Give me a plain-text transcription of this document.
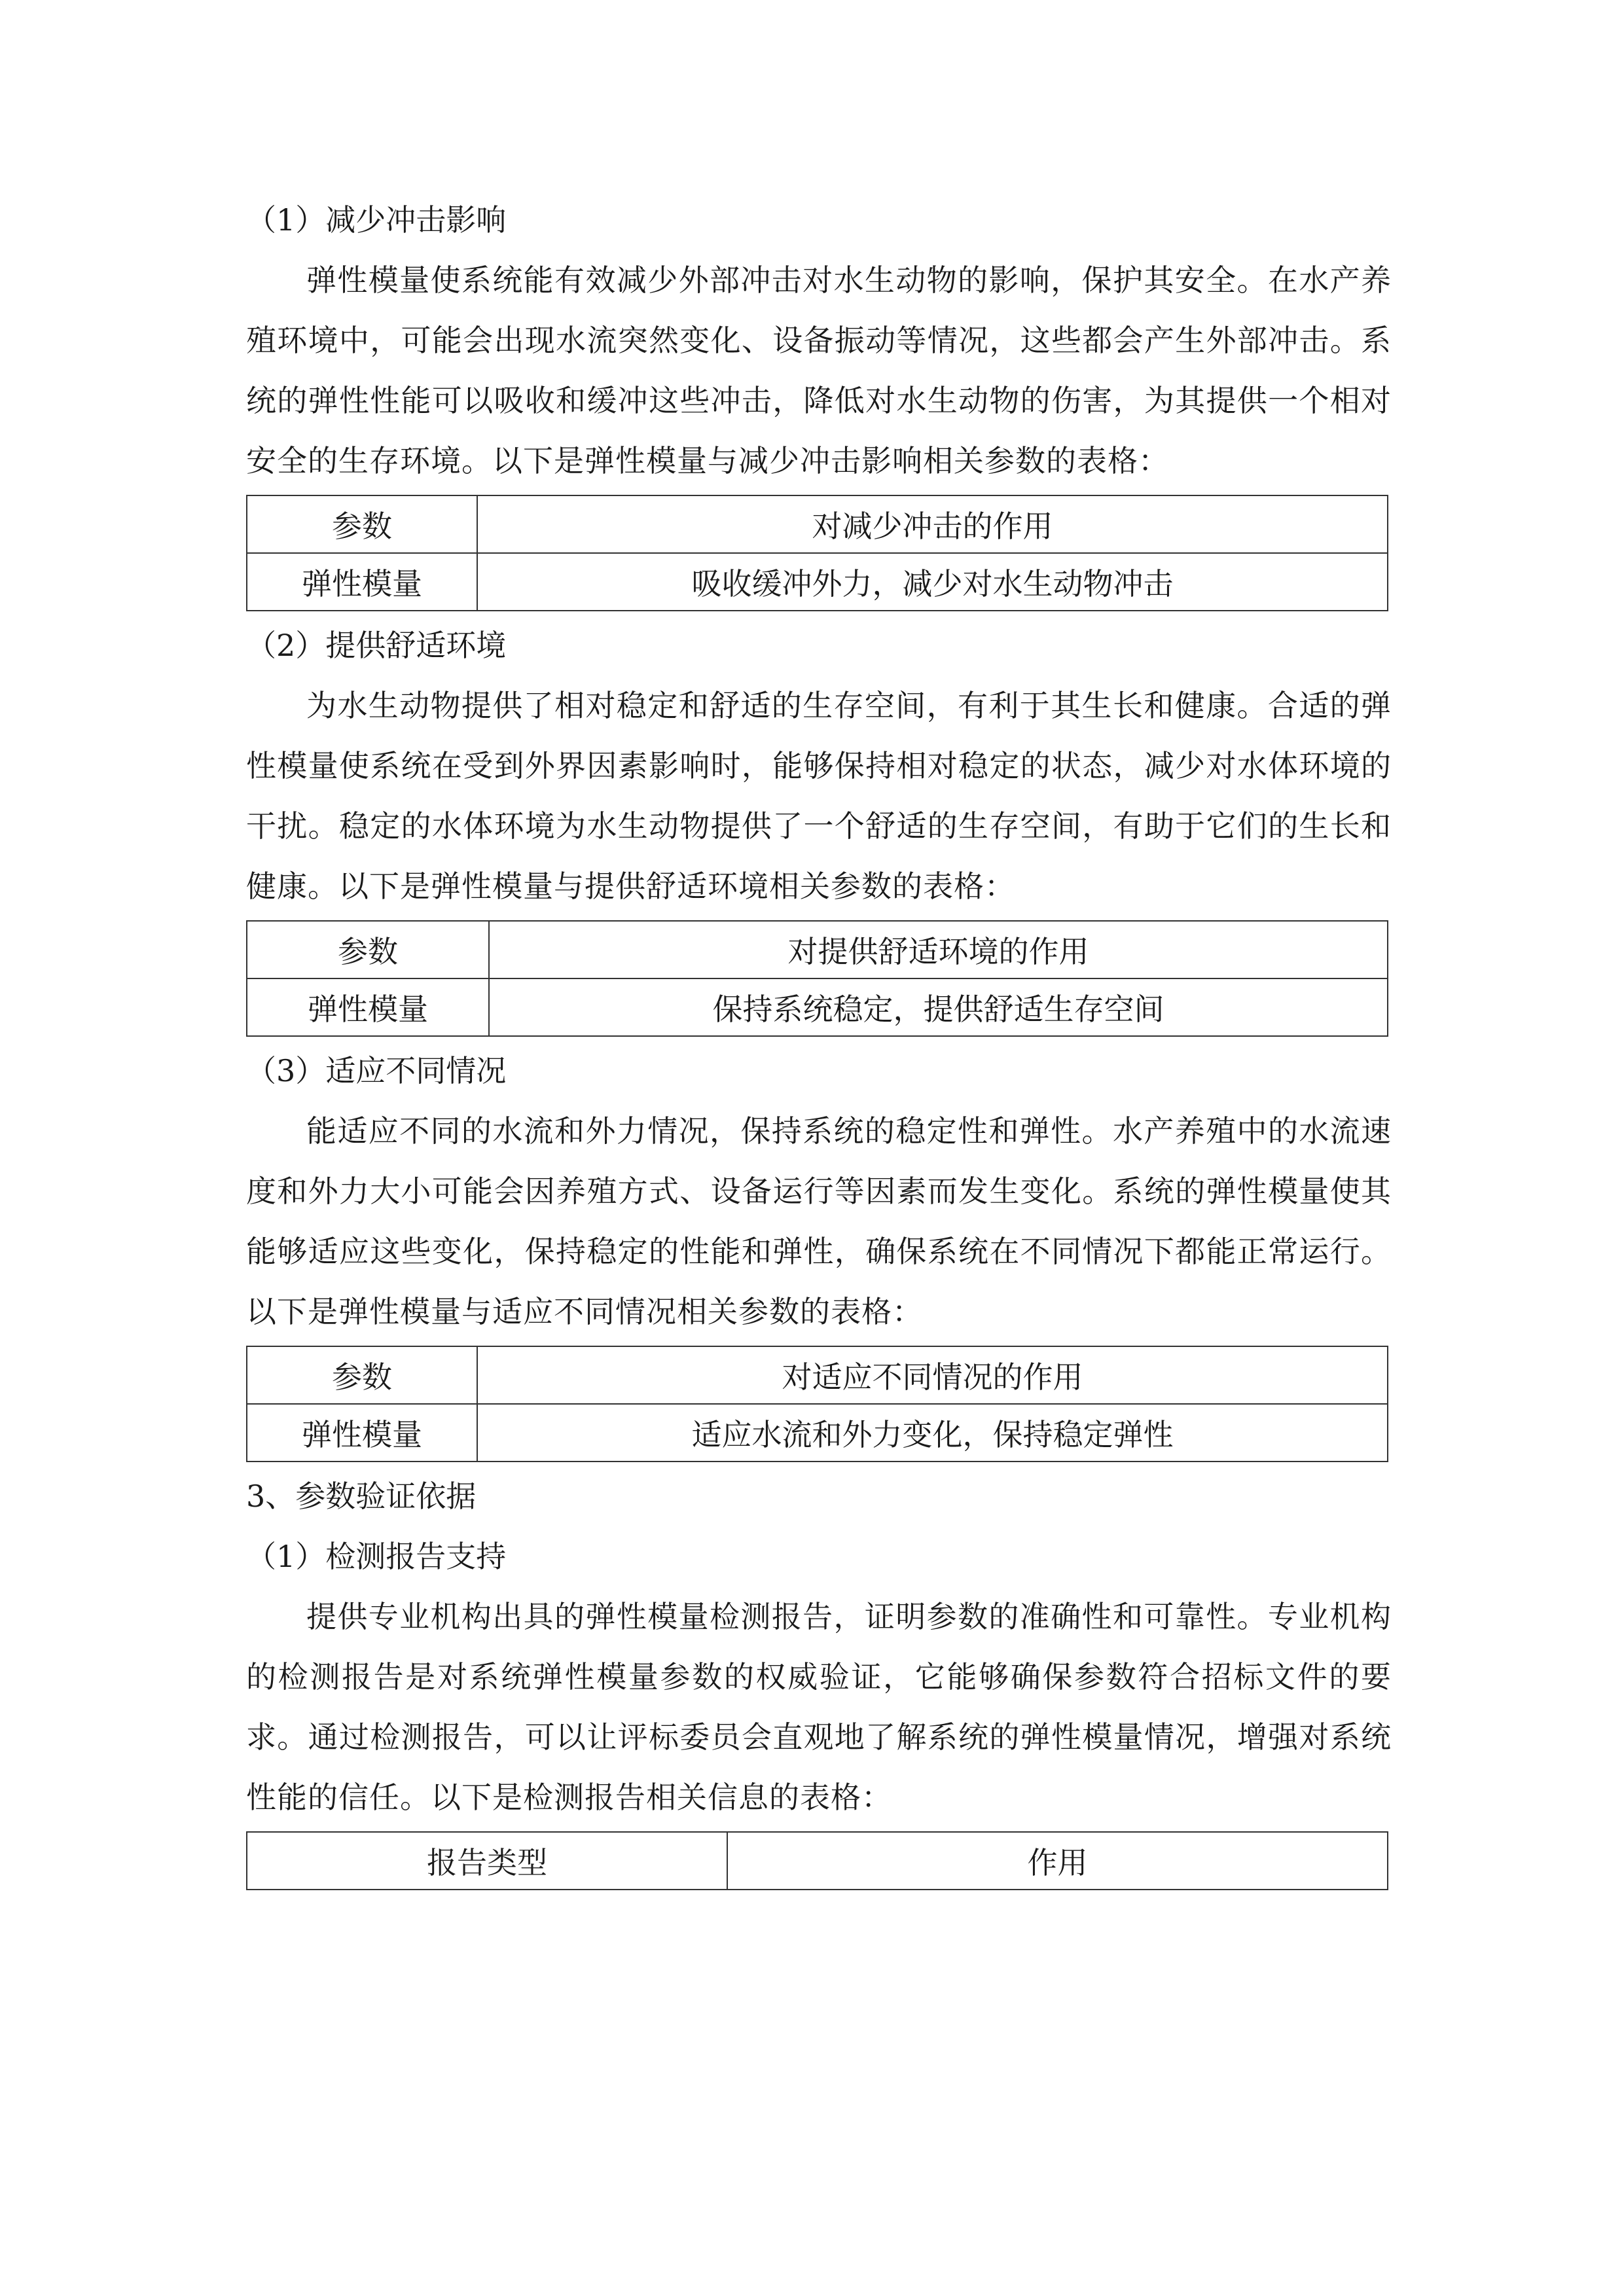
（1）减少冲击影响

弹性模量使系统能有效减少外部冲击对水生动物的影响，保护其安全。在水产养殖环境中，可能会出现水流突然变化、设备振动等情况，这些都会产生外部冲击。系统的弹性性能可以吸收和缓冲这些冲击，降低对水生动物的伤害，为其提供一个相对安全的生存环境。以下是弹性模量与减少冲击影响相关参数的表格：

参数	对减少冲击的作用
弹性模量	吸收缓冲外力，减少对水生动物冲击

（2）提供舒适环境

为水生动物提供了相对稳定和舒适的生存空间，有利于其生长和健康。合适的弹性模量使系统在受到外界因素影响时，能够保持相对稳定的状态，减少对水体环境的干扰。稳定的水体环境为水生动物提供了一个舒适的生存空间，有助于它们的生长和健康。以下是弹性模量与提供舒适环境相关参数的表格：

参数	对提供舒适环境的作用
弹性模量	保持系统稳定，提供舒适生存空间

（3）适应不同情况

能适应不同的水流和外力情况，保持系统的稳定性和弹性。水产养殖中的水流速度和外力大小可能会因养殖方式、设备运行等因素而发生变化。系统的弹性模量使其能够适应这些变化，保持稳定的性能和弹性，确保系统在不同情况下都能正常运行。以下是弹性模量与适应不同情况相关参数的表格：

参数	对适应不同情况的作用
弹性模量	适应水流和外力变化，保持稳定弹性

3、参数验证依据

（1）检测报告支持

提供专业机构出具的弹性模量检测报告，证明参数的准确性和可靠性。专业机构的检测报告是对系统弹性模量参数的权威验证，它能够确保参数符合招标文件的要求。通过检测报告，可以让评标委员会直观地了解系统的弹性模量情况，增强对系统性能的信任。以下是检测报告相关信息的表格：

报告类型	作用
